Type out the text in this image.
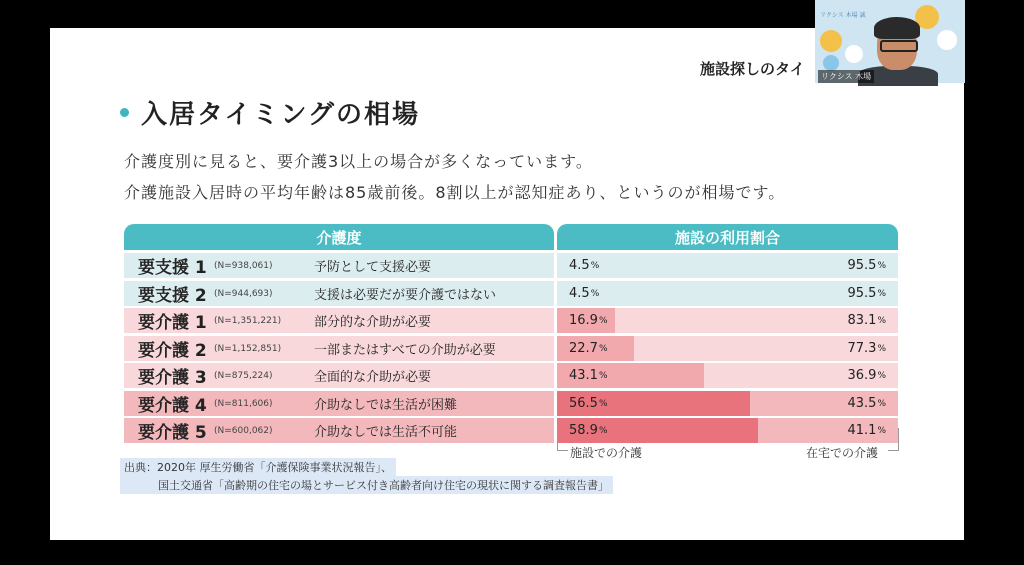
施設探しのタイ
入居タイミングの相場
介護度別に見ると、要介護3以上の場合が多くなっています。
介護施設入居時の平均年齢は85歳前後。8割以上が認知症あり、というのが相場です。
介護度	施設の利用割合
要支援 1 (N=938,061)	予防として支援必要	4.5 %	95.5 %
要支援 2 (N=944,693)	支援は必要だが要介護ではない	4.5 %	95.5 %
要介護 1 (N=1,351,221)	部分的な介助が必要	16.9 %	83.1 %
要介護 2 (N=1,152,851)	一部またはすべての介助が必要	22.7 %	77.3 %
要介護 3 (N=875,224)	全面的な介助が必要	43.1 %	36.9 %
要介護 4 (N=811,606)	介助なしでは生活が困難	56.5 %	43.5 %
要介護 5 (N=600,062)	介助なしでは生活不可能	58.9 %	41.1 %
施設での介護	在宅での介護
出典：2020年 厚生労働省「介護保険事業状況報告」、
国土交通省「高齢期の住宅の場とサービス付き高齢者向け住宅の現状に関する調査報告書」
リクシス 木場 誠
リクシス 木場
